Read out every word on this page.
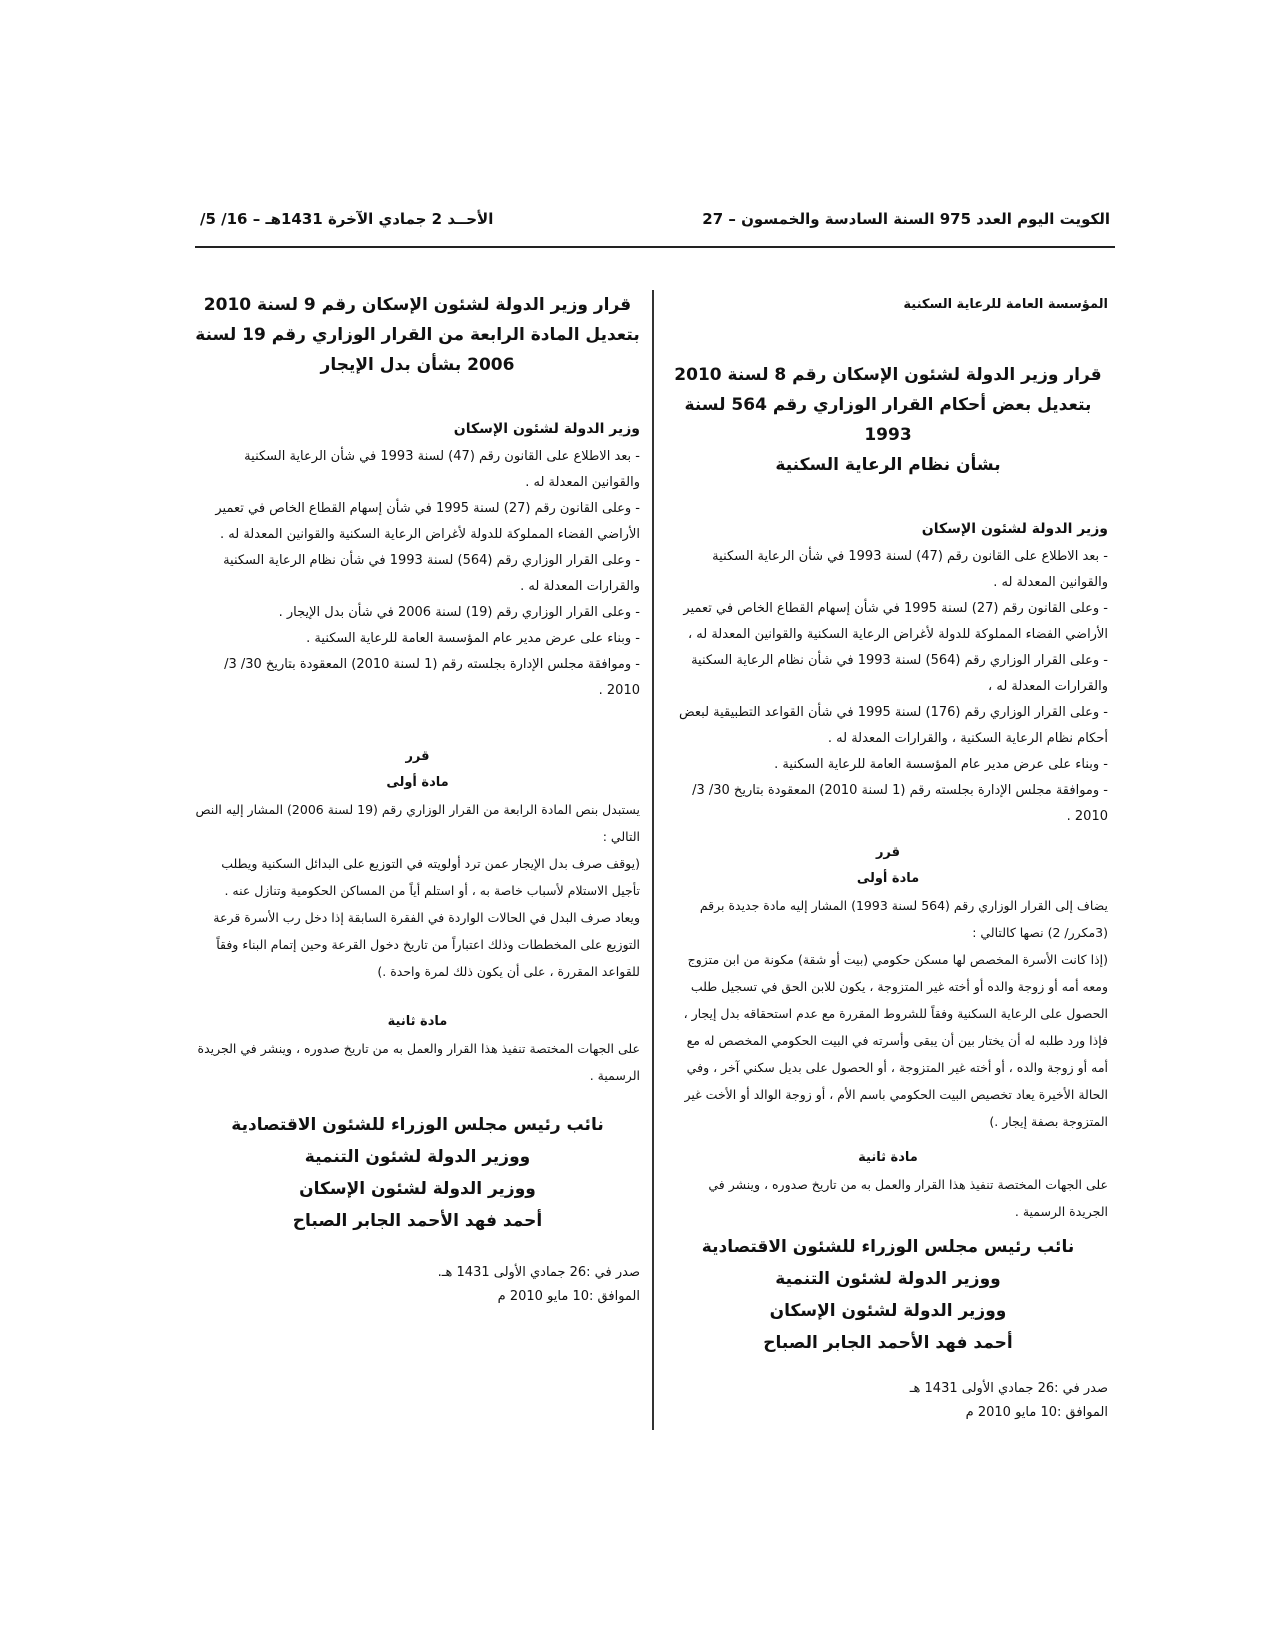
الكويت اليوم العدد 975 السنة السادسة والخمسون – 27
الأحــد 2 جمادي الآخرة 1431هـ – 16/ 5/

المؤسسة العامة للرعاية السكنية

قرار وزير الدولة لشئون الإسكان رقم 8 لسنة 2010
بتعديل بعض أحكام القرار الوزاري رقم 564 لسنة 1993
بشأن نظام الرعاية السكنية

وزير الدولة لشئون الإسكان

- بعد الاطلاع على القانون رقم (47) لسنة 1993 في شأن الرعاية السكنية والقوانين المعدلة له .

- وعلى القانون رقم (27) لسنة 1995 في شأن إسهام القطاع الخاص في تعمير الأراضي الفضاء المملوكة للدولة لأغراض الرعاية السكنية والقوانين المعدلة له ،

- وعلى القرار الوزاري رقم (564) لسنة 1993 في شأن نظام الرعاية السكنية والقرارات المعدلة له ،

- وعلى القرار الوزاري رقم (176) لسنة 1995 في شأن القواعد التطبيقية لبعض أحكام نظام الرعاية السكنية ، والقرارات المعدلة له .

- وبناء على عرض مدير عام المؤسسة العامة للرعاية السكنية .

- وموافقة مجلس الإدارة بجلسته رقم (1 لسنة 2010) المعقودة بتاريخ 30/ 3/ 2010 .

قرر

مادة أولى

يضاف إلى القرار الوزاري رقم (564 لسنة 1993) المشار إليه مادة جديدة برقم (3مكرر/ 2) نصها كالتالي :

(إذا كانت الأسرة المخصص لها مسكن حكومي (بيت أو شقة) مكونة من ابن متزوج ومعه أمه أو زوجة والده أو أخته غير المتزوجة ، يكون للابن الحق في تسجيل طلب الحصول على الرعاية السكنية وفقاً للشروط المقررة مع عدم استحقاقه بدل إيجار ، فإذا ورد طلبه له أن يختار بين أن يبقى وأسرته في البيت الحكومي المخصص له مع أمه أو زوجة والده ، أو أخته غير المتزوجة ، أو الحصول على بديل سكني آخر ، وفي الحالة الأخيرة يعاد تخصيص البيت الحكومي باسم الأم ، أو زوجة الوالد أو الأخت غير المتزوجة بصفة إيجار .)

مادة ثانية

على الجهات المختصة تنفيذ هذا القرار والعمل به من تاريخ صدوره ، وينشر في الجريدة الرسمية .

نائب رئيس مجلس الوزراء للشئون الاقتصادية
ووزير الدولة لشئون التنمية
ووزير الدولة لشئون الإسكان
أحمد فهد الأحمد الجابر الصباح

صدر في :26 جمادي الأولى 1431 هـ

الموافق :10 مايو 2010 م

قرار وزير الدولة لشئون الإسكان رقم 9 لسنة 2010
بتعديل المادة الرابعة من القرار الوزاري رقم 19 لسنة
2006 بشأن بدل الإيجار

وزير الدولة لشئون الإسكان

- بعد الاطلاع على القانون رقم (47) لسنة 1993 في شأن الرعاية السكنية والقوانين المعدلة له .

- وعلى القانون رقم (27) لسنة 1995 في شأن إسهام القطاع الخاص في تعمير الأراضي الفضاء المملوكة للدولة لأغراض الرعاية السكنية والقوانين المعدلة له .

- وعلى القرار الوزاري رقم (564) لسنة 1993 في شأن نظام الرعاية السكنية والقرارات المعدلة له .

- وعلى القرار الوزاري رقم (19) لسنة 2006 في شأن بدل الإيجار .

- وبناء على عرض مدير عام المؤسسة العامة للرعاية السكنية .

- وموافقة مجلس الإدارة بجلسته رقم (1 لسنة 2010) المعقودة بتاريخ 30/ 3/ 2010 .

قرر

مادة أولى

يستبدل بنص المادة الرابعة من القرار الوزاري رقم (19 لسنة 2006) المشار إليه النص التالي :

(يوقف صرف بدل الإيجار عمن ترد أولويته في التوزيع على البدائل السكنية ويطلب تأجيل الاستلام لأسباب خاصة به ، أو استلم أياً من المساكن الحكومية وتنازل عنه .

ويعاد صرف البدل في الحالات الواردة في الفقرة السابقة إذا دخل رب الأسرة قرعة التوزيع على المخططات وذلك اعتباراً من تاريخ دخول القرعة وحين إتمام البناء وفقاً للقواعد المقررة ، على أن يكون ذلك لمرة واحدة .)

مادة ثانية

على الجهات المختصة تنفيذ هذا القرار والعمل به من تاريخ صدوره ، وينشر في الجريدة الرسمية .

نائب رئيس مجلس الوزراء للشئون الاقتصادية
ووزير الدولة لشئون التنمية
ووزير الدولة لشئون الإسكان
أحمد فهد الأحمد الجابر الصباح

صدر في :26 جمادي الأولى 1431 هـ.

الموافق :10 مايو 2010 م
